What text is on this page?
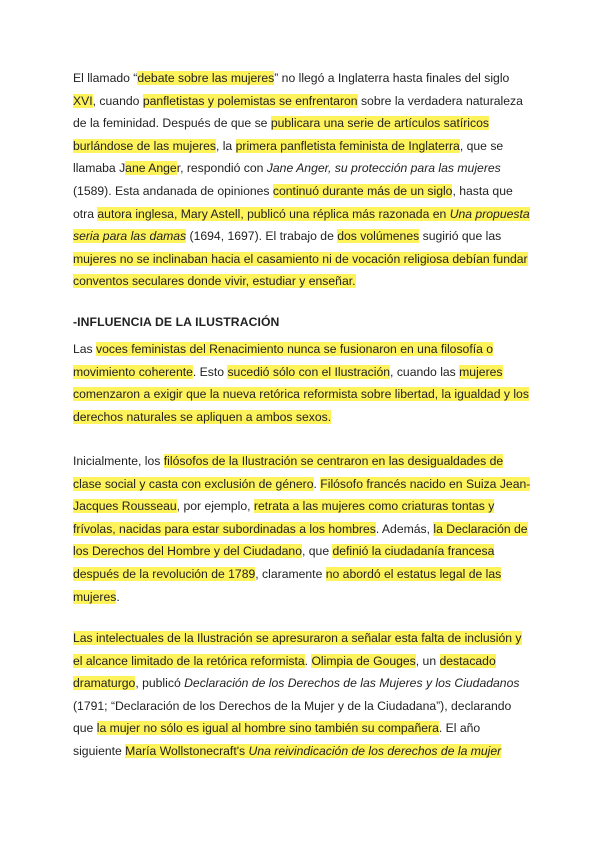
El llamado “debate sobre las mujeres” no llegó a Inglaterra hasta finales del siglo XVI, cuando panfletistas y polemistas se enfrentaron sobre la verdadera naturaleza de la feminidad. Después de que se publicara una serie de artículos satíricos burlándose de las mujeres, la primera panfletista feminista de Inglaterra, que se llamaba Jane Anger, respondió con Jane Anger, su protección para las mujeres (1589). Esta andanada de opiniones continuó durante más de un siglo, hasta que otra autora inglesa, Mary Astell, publicó una réplica más razonada en Una propuesta seria para las damas (1694, 1697). El trabajo de dos volúmenes sugirió que las mujeres no se inclinaban hacia el casamiento ni de vocación religiosa debían fundar conventos seculares donde vivir, estudiar y enseñar.

-INFLUENCIA DE LA ILUSTRACIÓN

Las voces feministas del Renacimiento nunca se fusionaron en una filosofía o movimiento coherente. Esto sucedió sólo con el Ilustración, cuando las mujeres comenzaron a exigir que la nueva retórica reformista sobre libertad, la igualdad y los derechos naturales se apliquen a ambos sexos.

Inicialmente, los filósofos de la Ilustración se centraron en las desigualdades de clase social y casta con exclusión de género. Filósofo francés nacido en Suiza Jean-Jacques Rousseau, por ejemplo, retrata a las mujeres como criaturas tontas y frívolas, nacidas para estar subordinadas a los hombres. Además, la Declaración de los Derechos del Hombre y del Ciudadano, que definió la ciudadanía francesa después de la revolución de 1789, claramente no abordó el estatus legal de las mujeres.

Las intelectuales de la Ilustración se apresuraron a señalar esta falta de inclusión y el alcance limitado de la retórica reformista. Olimpia de Gouges, un destacado dramaturgo, publicó Declaración de los Derechos de las Mujeres y los Ciudadanos (1791; “Declaración de los Derechos de la Mujer y de la Ciudadana”), declarando que la mujer no sólo es igual al hombre sino también su compañera. El año siguiente María Wollstonecraft's Una reivindicación de los derechos de la mujer
